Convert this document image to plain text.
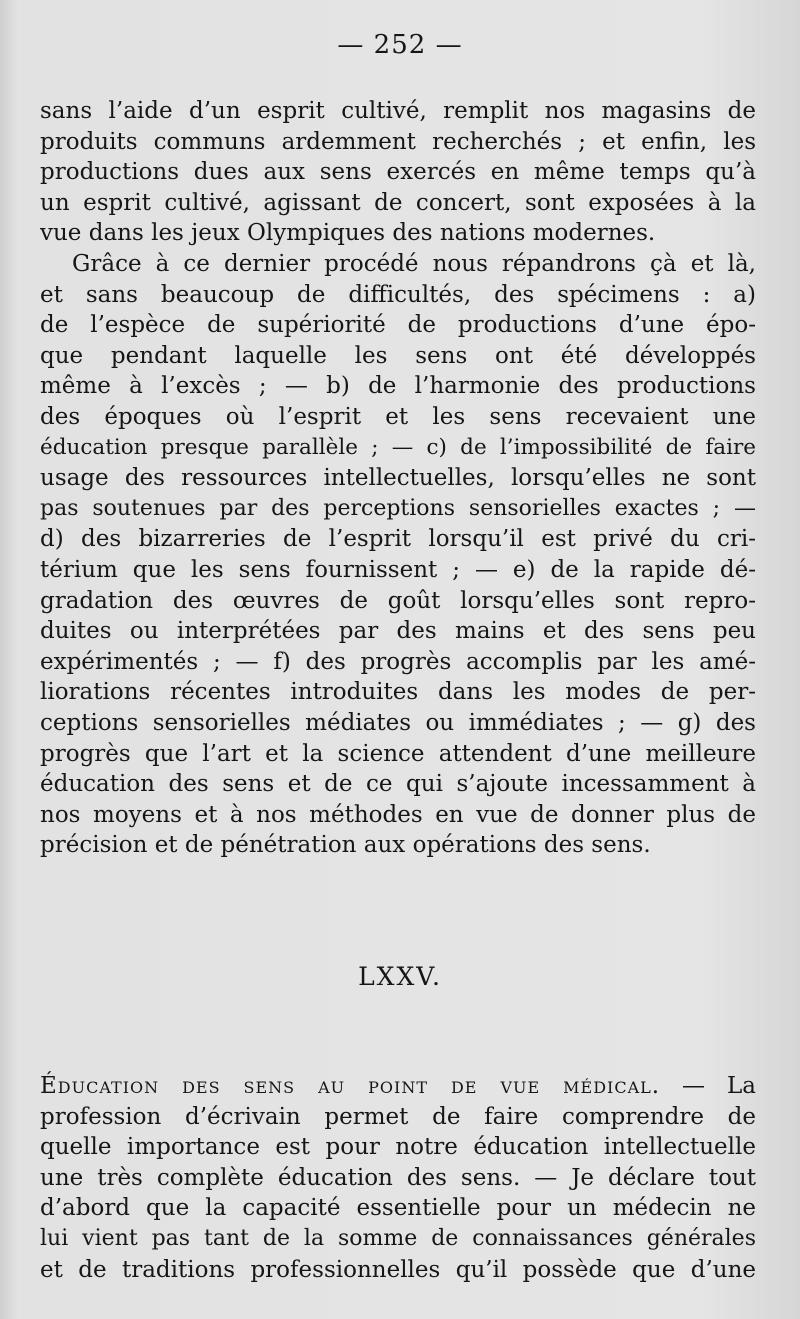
— 252 —

sans l’aide d’un esprit cultivé, remplit nos magasins de
produits communs ardemment recherchés ; et enfin, les
productions dues aux sens exercés en même temps qu’à
un esprit cultivé, agissant de concert, sont exposées à la
vue dans les jeux Olympiques des nations modernes.
Grâce à ce dernier procédé nous répandrons çà et là,
et sans beaucoup de difficultés, des spécimens : a)
de l’espèce de supériorité de productions d’une épo-
que pendant laquelle les sens ont été développés
même à l’excès ; — b) de l’harmonie des productions
des époques où l’esprit et les sens recevaient une
éducation presque parallèle ; — c) de l’impossibilité de faire
usage des ressources intellectuelles, lorsqu’elles ne sont
pas soutenues par des perceptions sensorielles exactes ; —
d) des bizarreries de l’esprit lorsqu’il est privé du cri-
térium que les sens fournissent ; — e) de la rapide dé-
gradation des œuvres de goût lorsqu’elles sont repro-
duites ou interprétées par des mains et des sens peu
expérimentés ; — f) des progrès accomplis par les amé-
liorations récentes introduites dans les modes de per-
ceptions sensorielles médiates ou immédiates ; — g) des
progrès que l’art et la science attendent d’une meilleure
éducation des sens et de ce qui s’ajoute incessamment à
nos moyens et à nos méthodes en vue de donner plus de
précision et de pénétration aux opérations des sens.
LXXV.
Éducation des sens au point de vue médical. — La
profession d’écrivain permet de faire comprendre de
quelle importance est pour notre éducation intellectuelle
une très complète éducation des sens. — Je déclare tout
d’abord que la capacité essentielle pour un médecin ne
lui vient pas tant de la somme de connaissances générales
et de traditions professionnelles qu’il possède que d’une
